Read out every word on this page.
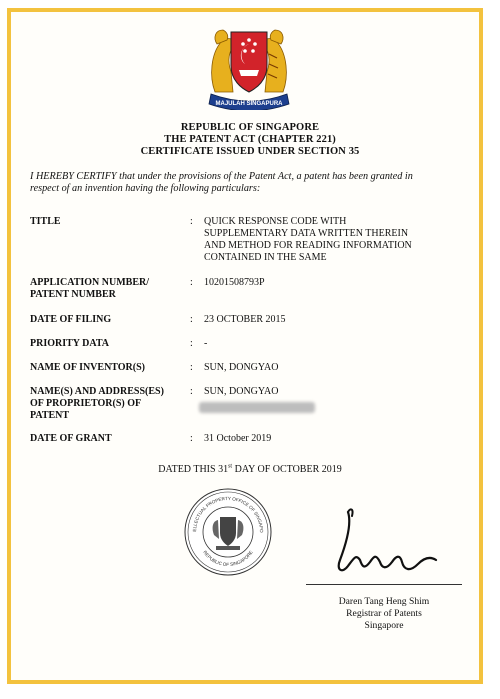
MAJULAH SINGAPURA
REPUBLIC OF SINGAPORE
THE PATENT ACT (CHAPTER 221)
CERTIFICATE ISSUED UNDER SECTION 35
I HEREBY CERTIFY that under the provisions of the Patent Act, a patent has been granted in
respect of an invention having the following particulars:
TITLE	: QUICK RESPONSE CODE WITH
SUPPLEMENTARY DATA WRITTEN THEREIN
AND METHOD FOR READING INFORMATION
CONTAINED IN THE SAME
APPLICATION NUMBER/
PATENT NUMBER
: 10201508793P
DATE OF FILING	: 23 OCTOBER 2015
PRIORITY DATA	: -
NAME OF INVENTOR(S)	: SUN, DONGYAO
NAME(S) AND ADDRESS(ES)
OF PROPRIETOR(S) OF
PATENT
: SUN, DONGYAO
DATE OF GRANT	: 31 October 2019
DATED THIS 31st DAY OF OCTOBER 2019
ELLECTUAL PROPERTY OFFICE OF SINGAPO
REPUBLIC OF SINGAPORE
Daren Tang Heng Shim
Registrar of Patents
Singapore
